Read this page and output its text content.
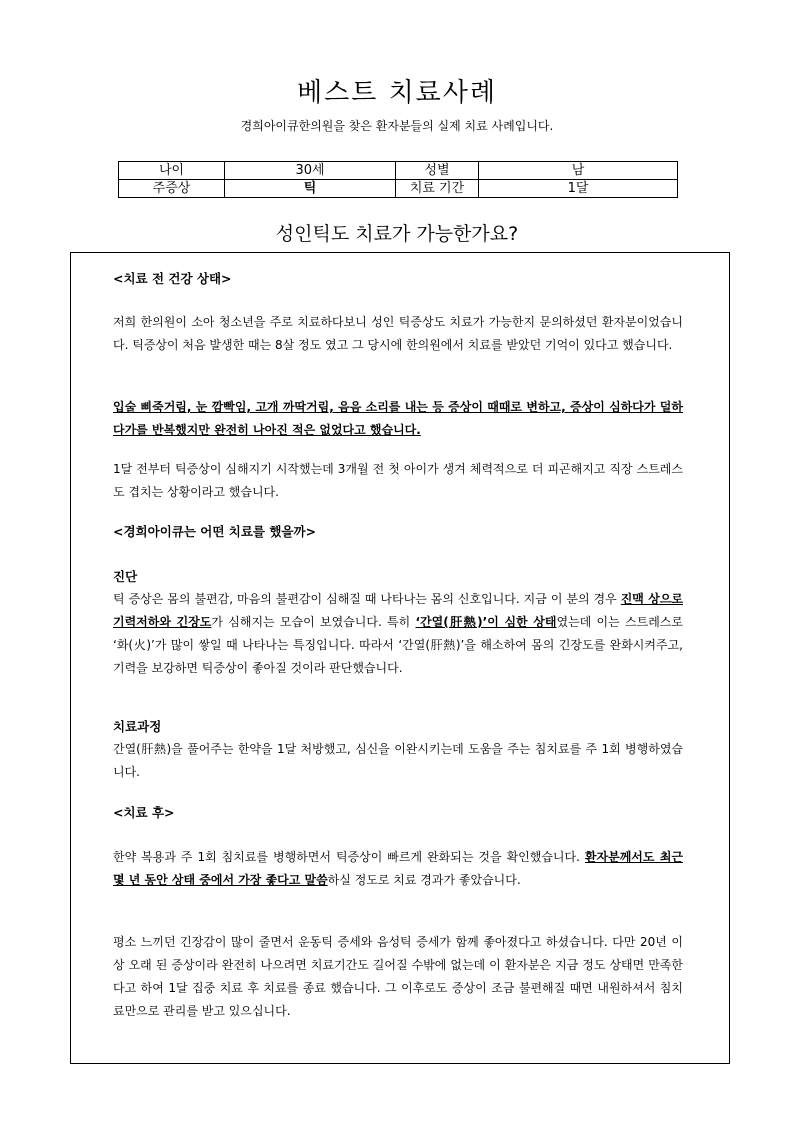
베스트 치료사례
경희아이큐한의원을 찾은 환자분들의 실제 치료 사례입니다.
나이	30세	성별	남
주증상	틱	치료 기간	1달
성인틱도 치료가 가능한가요?
<치료 전 건강 상태>

저희 한의원이 소아 청소년을 주로 치료하다보니 성인 틱증상도 치료가 가능한지 문의하셨던 환자분이었습니다. 틱증상이 처음 발생한 때는 8살 정도 였고 그 당시에 한의원에서 치료를 받았던 기억이 있다고 했습니다.

입술 삐죽거림, 눈 깜빡임, 고개 까딱거림, 음음 소리를 내는 등 증상이 때때로 변하고, 증상이 심하다가 덜하다가를 반복했지만 완전히 나아진 적은 없었다고 했습니다.

1달 전부터 틱증상이 심해지기 시작했는데 3개월 전 첫 아이가 생겨 체력적으로 더 피곤해지고 직장 스트레스도 겹치는 상황이라고 했습니다.

<경희아이큐는 어떤 치료를 했을까>
진단

틱 증상은 몸의 불편감, 마음의 불편감이 심해질 때 나타나는 몸의 신호입니다. 지금 이 분의 경우 진맥 상으로 기력저하와 긴장도가 심해지는 모습이 보였습니다. 특히 ‘간열(肝熱)’이 심한 상태였는데 이는 스트레스로 ‘화(火)’가 많이 쌓일 때 나타나는 특징입니다. 따라서 ‘간열(肝熱)’을 해소하여 몸의 긴장도를 완화시켜주고, 기력을 보강하면 틱증상이 좋아질 것이라 판단했습니다.

치료과정

간열(肝熱)을 풀어주는 한약을 1달 처방했고, 심신을 이완시키는데 도움을 주는 침치료를 주 1회 병행하였습니다.

<치료 후>

한약 복용과 주 1회 침치료를 병행하면서 틱증상이 빠르게 완화되는 것을 확인했습니다. 환자분께서도 최근 몇 년 동안 상태 중에서 가장 좋다고 말씀하실 정도로 치료 경과가 좋았습니다.

평소 느끼던 긴장감이 많이 줄면서 운동틱 증세와 음성틱 증세가 함께 좋아졌다고 하셨습니다. 다만 20년 이상 오래 된 증상이라 완전히 나으려면 치료기간도 길어질 수밖에 없는데 이 환자분은 지금 정도 상태면 만족한다고 하여 1달 집중 치료 후 치료를 종료 했습니다. 그 이후로도 증상이 조금 불편해질 때면 내원하셔서 침치료만으로 관리를 받고 있으십니다.
